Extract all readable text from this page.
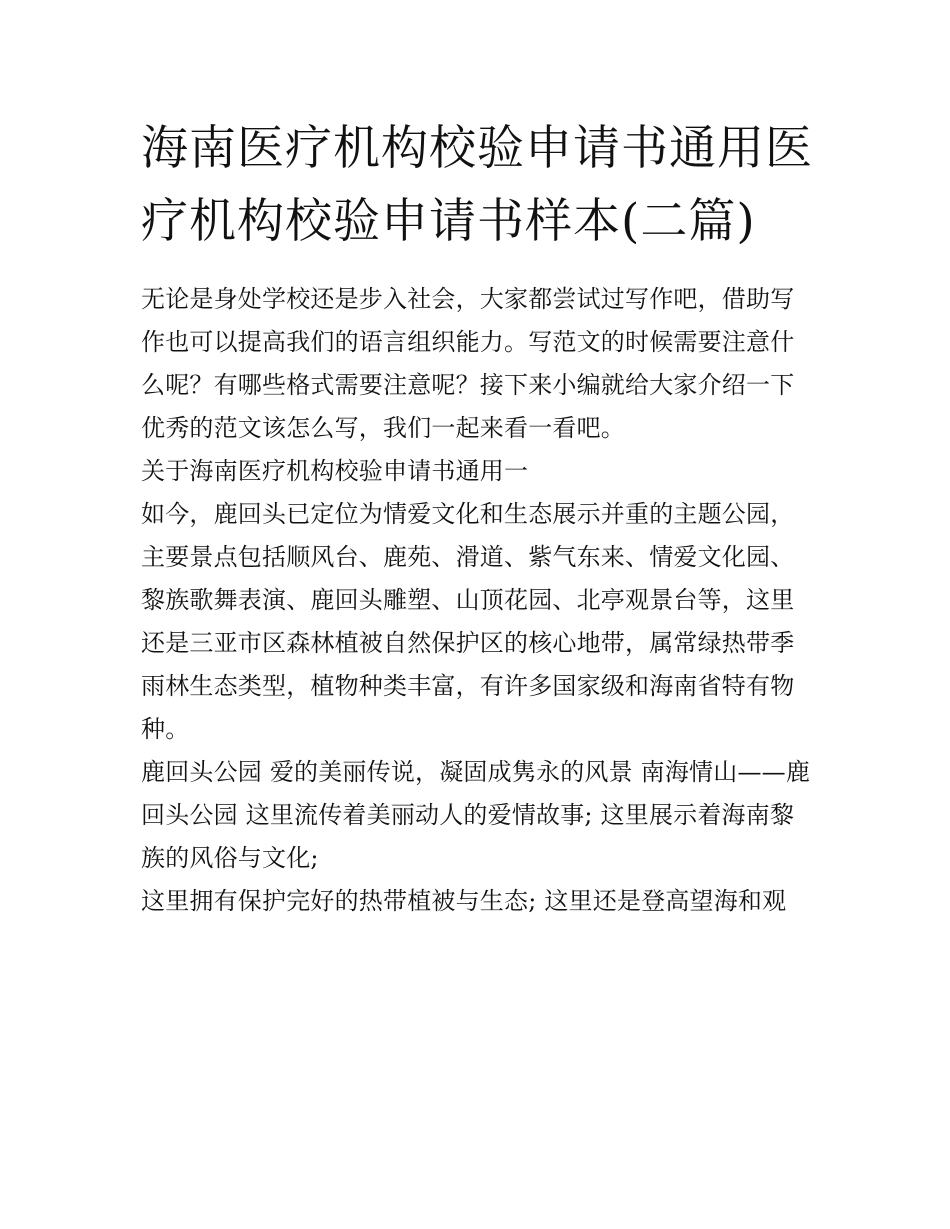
海南医疗机构校验申请书通用医疗机构校验申请书样本(二篇)

无论是身处学校还是步入社会，大家都尝试过写作吧，借助写作也可以提高我们的语言组织能力。写范文的时候需要注意什么呢？有哪些格式需要注意呢？接下来小编就给大家介绍一下优秀的范文该怎么写，我们一起来看一看吧。

关于海南医疗机构校验申请书通用一

如今，鹿回头已定位为情爱文化和生态展示并重的主题公园，主要景点包括顺风台、鹿苑、滑道、紫气东来、情爱文化园、黎族歌舞表演、鹿回头雕塑、山顶花园、北亭观景台等，这里还是三亚市区森林植被自然保护区的核心地带，属常绿热带季雨林生态类型，植物种类丰富，有许多国家级和海南省特有物种。

鹿回头公园 爱的美丽传说，凝固成隽永的风景 南海情山——鹿回头公园 这里流传着美丽动人的爱情故事; 这里展示着海南黎族的风俗与文化;

这里拥有保护完好的热带植被与生态; 这里还是登高望海和观
